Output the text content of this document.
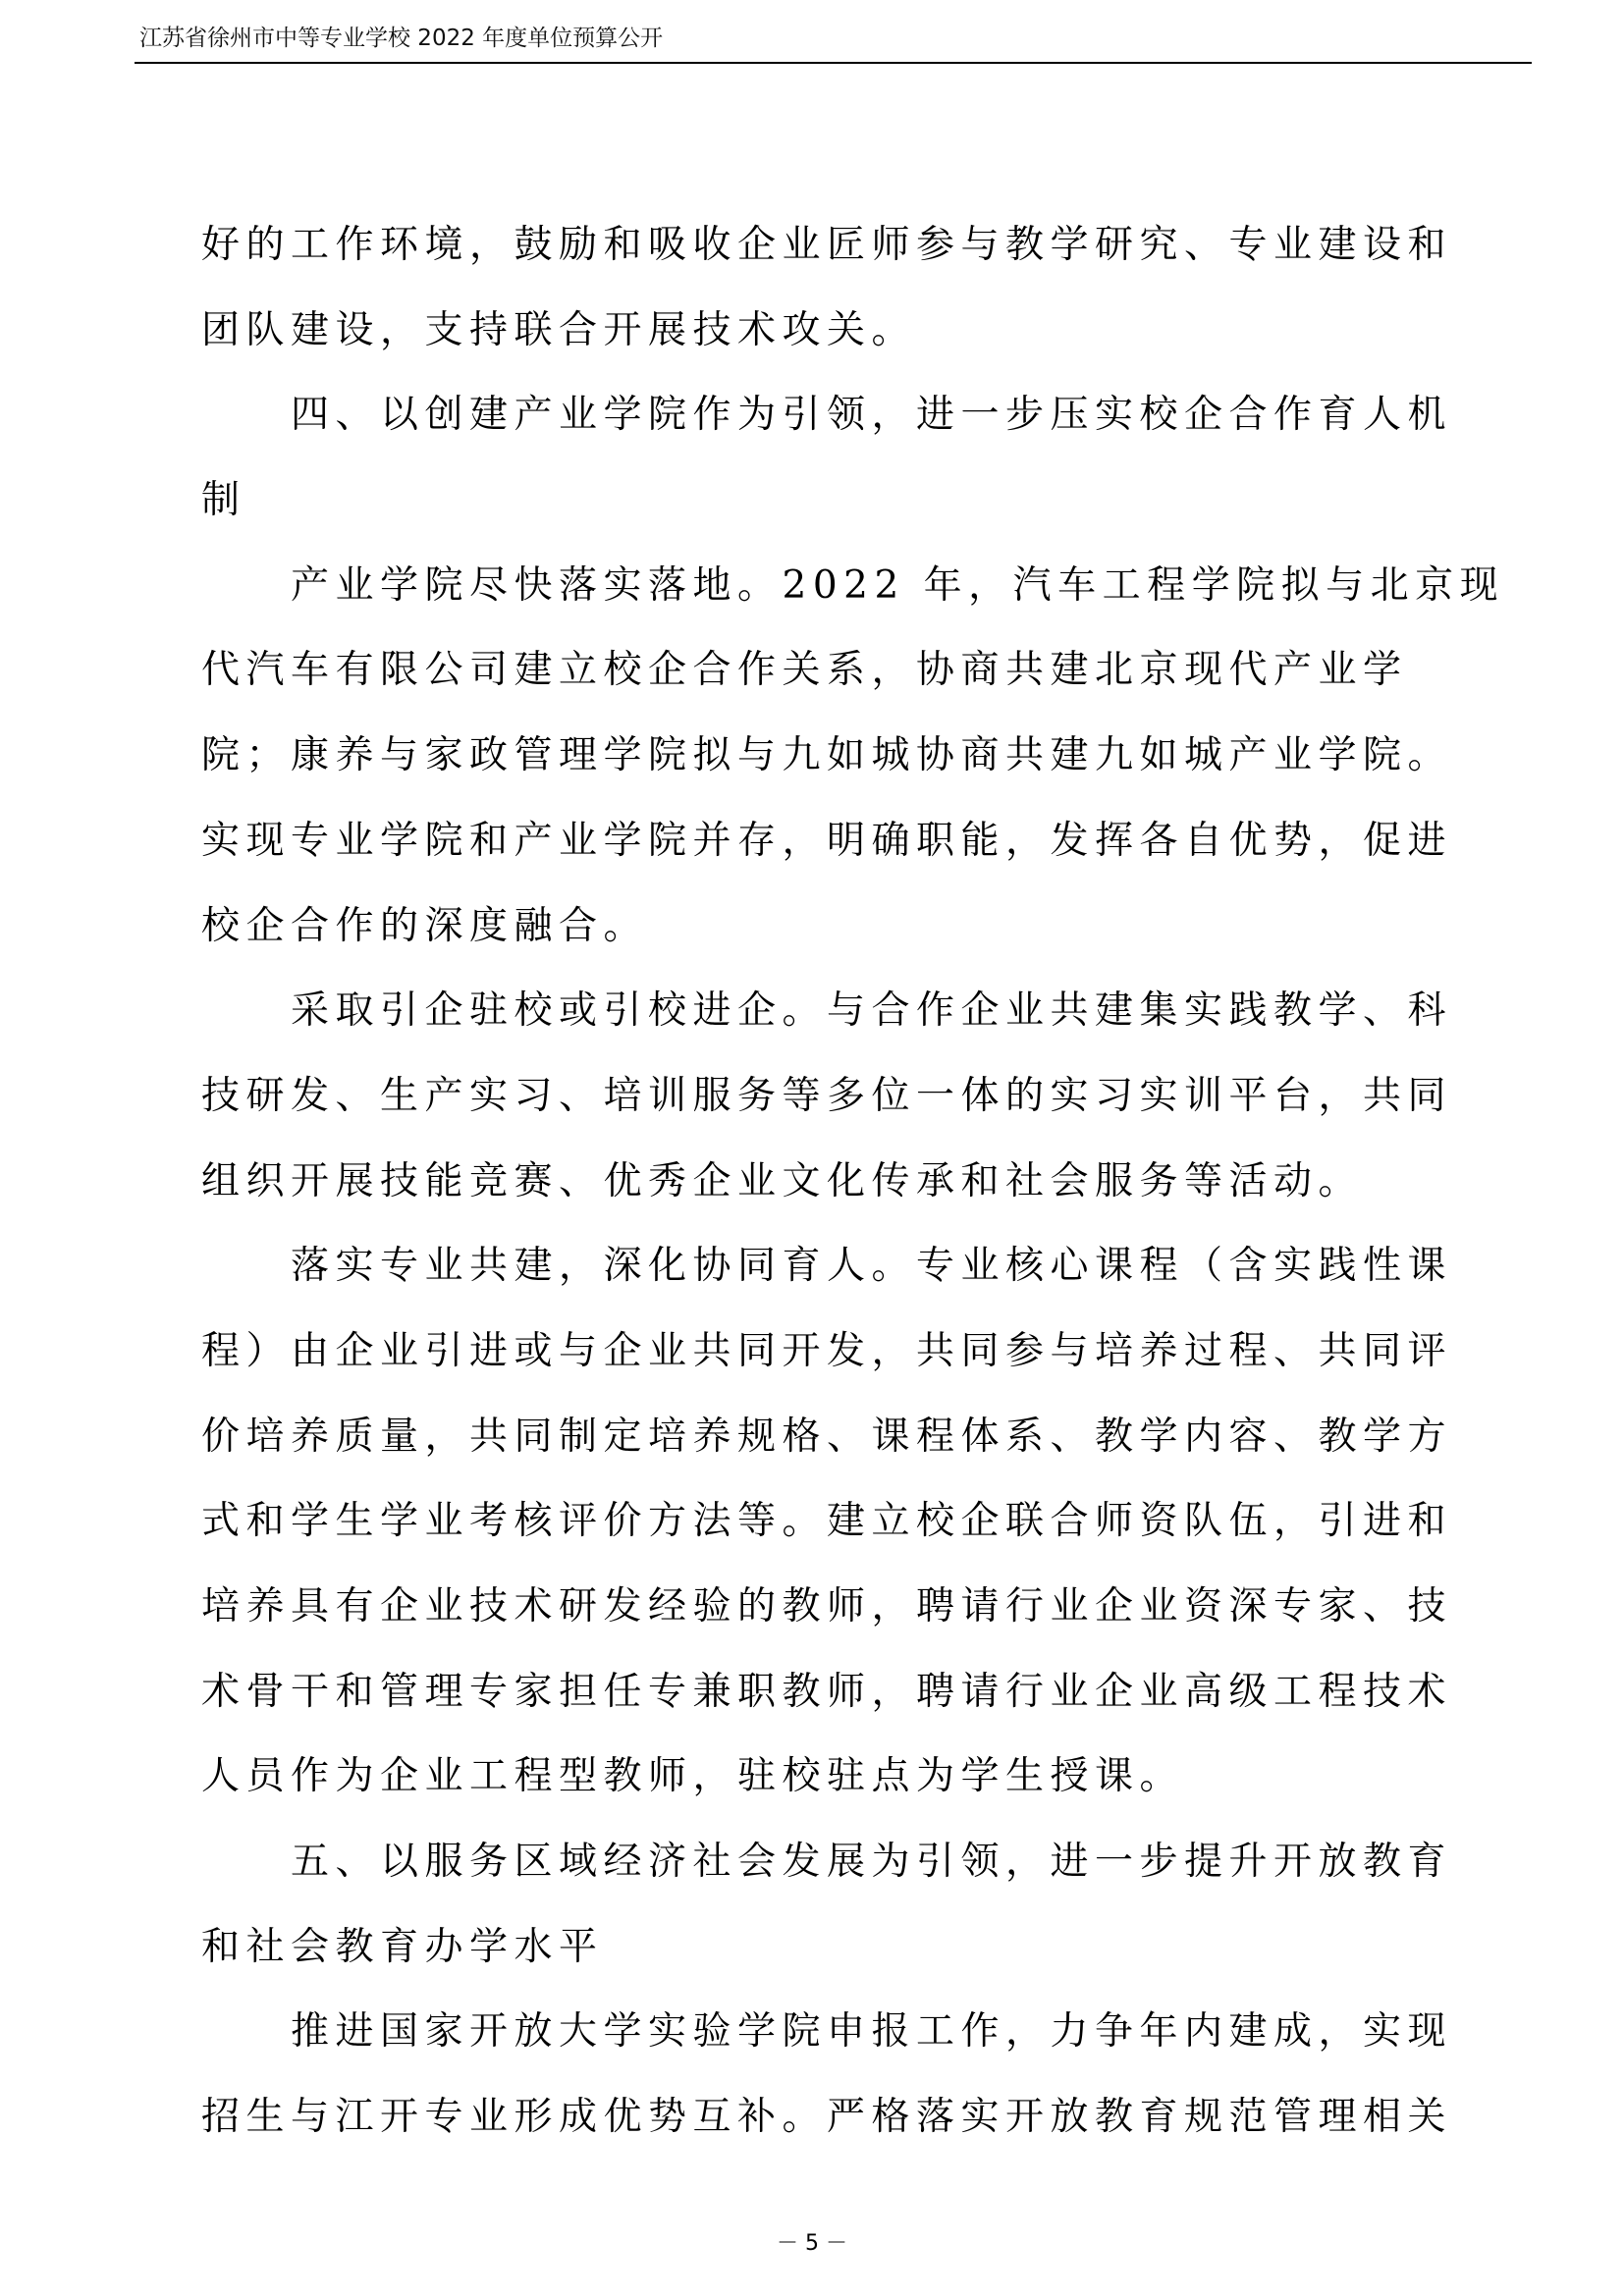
江苏省徐州市中等专业学校 2022 年度单位预算公开
好的工作环境，鼓励和吸收企业匠师参与教学研究、专业建设和
团队建设，支持联合开展技术攻关。
四、以创建产业学院作为引领，进一步压实校企合作育人机
制
产业学院尽快落实落地。2022 年，汽车工程学院拟与北京现
代汽车有限公司建立校企合作关系，协商共建北京现代产业学
院；康养与家政管理学院拟与九如城协商共建九如城产业学院。
实现专业学院和产业学院并存，明确职能，发挥各自优势，促进
校企合作的深度融合。
采取引企驻校或引校进企。与合作企业共建集实践教学、科
技研发、生产实习、培训服务等多位一体的实习实训平台，共同
组织开展技能竞赛、优秀企业文化传承和社会服务等活动。
落实专业共建，深化协同育人。专业核心课程（含实践性课
程）由企业引进或与企业共同开发，共同参与培养过程、共同评
价培养质量，共同制定培养规格、课程体系、教学内容、教学方
式和学生学业考核评价方法等。建立校企联合师资队伍，引进和
培养具有企业技术研发经验的教师，聘请行业企业资深专家、技
术骨干和管理专家担任专兼职教师，聘请行业企业高级工程技术
人员作为企业工程型教师，驻校驻点为学生授课。
五、以服务区域经济社会发展为引领，进一步提升开放教育
和社会教育办学水平
推进国家开放大学实验学院申报工作，力争年内建成，实现
招生与江开专业形成优势互补。严格落实开放教育规范管理相关
－ 5 －
